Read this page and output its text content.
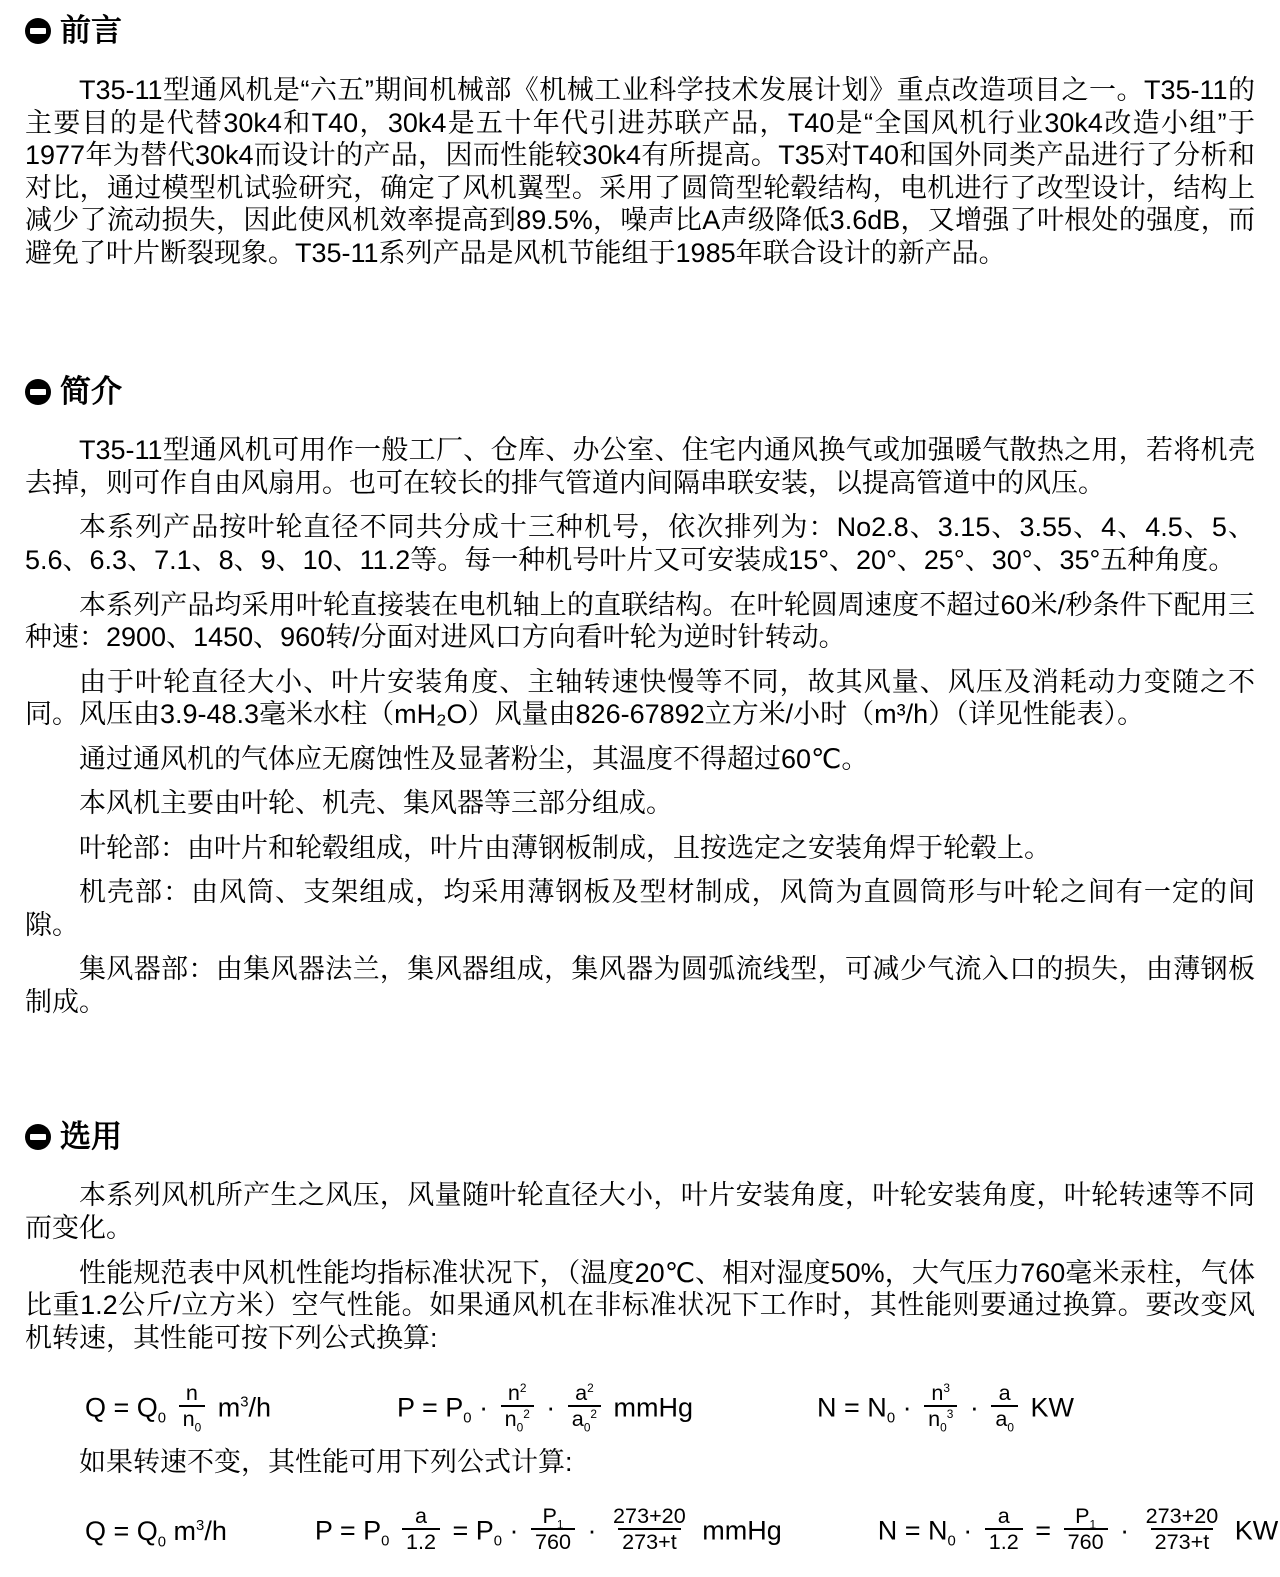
前言

T35-11型通风机是“六五”期间机械部《机械工业科学技术发展计划》重点改造项目之一。T35-11的主要目的是代替30k4和T40，30k4是五十年代引进苏联产品，T40是“全国风机行业30k4改造小组”于1977年为替代30k4而设计的产品，因而性能较30k4有所提高。T35对T40和国外同类产品进行了分析和对比，通过模型机试验研究，确定了风机翼型。采用了圆筒型轮毂结构，电机进行了改型设计，结构上减少了流动损失，因此使风机效率提高到89.5%，噪声比A声级降低3.6dB，又增强了叶根处的强度，而避免了叶片断裂现象。T35-11系列产品是风机节能组于1985年联合设计的新产品。

简介

T35-11型通风机可用作一般工厂、仓库、办公室、住宅内通风换气或加强暖气散热之用，若将机壳去掉，则可作自由风扇用。也可在较长的排气管道内间隔串联安装，以提高管道中的风压。

本系列产品按叶轮直径不同共分成十三种机号，依次排列为：No2.8、3.15、3.55、4、4.5、5、5.6、6.3、7.1、8、9、10、11.2等。每一种机号叶片又可安装成15°、20°、25°、30°、35°五种角度。

本系列产品均采用叶轮直接装在电机轴上的直联结构。在叶轮圆周速度不超过60米/秒条件下配用三种速：2900、1450、960转/分面对进风口方向看叶轮为逆时针转动。

由于叶轮直径大小、叶片安装角度、主轴转速快慢等不同，故其风量、风压及消耗动力变随之不同。风压由3.9-48.3毫米水柱（mH₂O）风量由826-67892立方米/小时（m³/h）（详见性能表）。

通过通风机的气体应无腐蚀性及显著粉尘，其温度不得超过60℃。

本风机主要由叶轮、机壳、集风器等三部分组成。

叶轮部：由叶片和轮毂组成，叶片由薄钢板制成，且按选定之安装角焊于轮毂上。

机壳部：由风筒、支架组成，均采用薄钢板及型材制成，风筒为直圆筒形与叶轮之间有一定的间隙。

集风器部：由集风器法兰，集风器组成，集风器为圆弧流线型，可减少气流入口的损失，由薄钢板制成。

选用

本系列风机所产生之风压，风量随叶轮直径大小，叶片安装角度，叶轮安装角度，叶轮转速等不同而变化。

性能规范表中风机性能均指标准状况下，（温度20℃、相对湿度50%，大气压力760毫米汞柱，气体比重1.2公斤/立方米）空气性能。如果通风机在非标准状况下工作时，其性能则要通过换算。要改变风机转速，其性能可按下列公式换算:

$Q = Q_0 \frac{n}{n_0} m^3/h$	$P = P_0 \cdot \frac{n^2}{n_0^2} \cdot \frac{a^2}{a_0^2}$ mmHg	$N = N_0 \cdot \frac{n^3}{n_0^3} \cdot \frac{a}{a_0}$ KW

如果转速不变，其性能可用下列公式计算:

$Q = Q_0$ $m^3/h$	$P = P_0 \frac{a}{1.2} = P_0 \cdot \frac{P_1}{760} \cdot \frac{273+20}{273+t}$ mmHg	$N = N_0 \cdot \frac{a}{1.2} = \frac{P_1}{760} \cdot \frac{273+20}{273+t}$ KW
